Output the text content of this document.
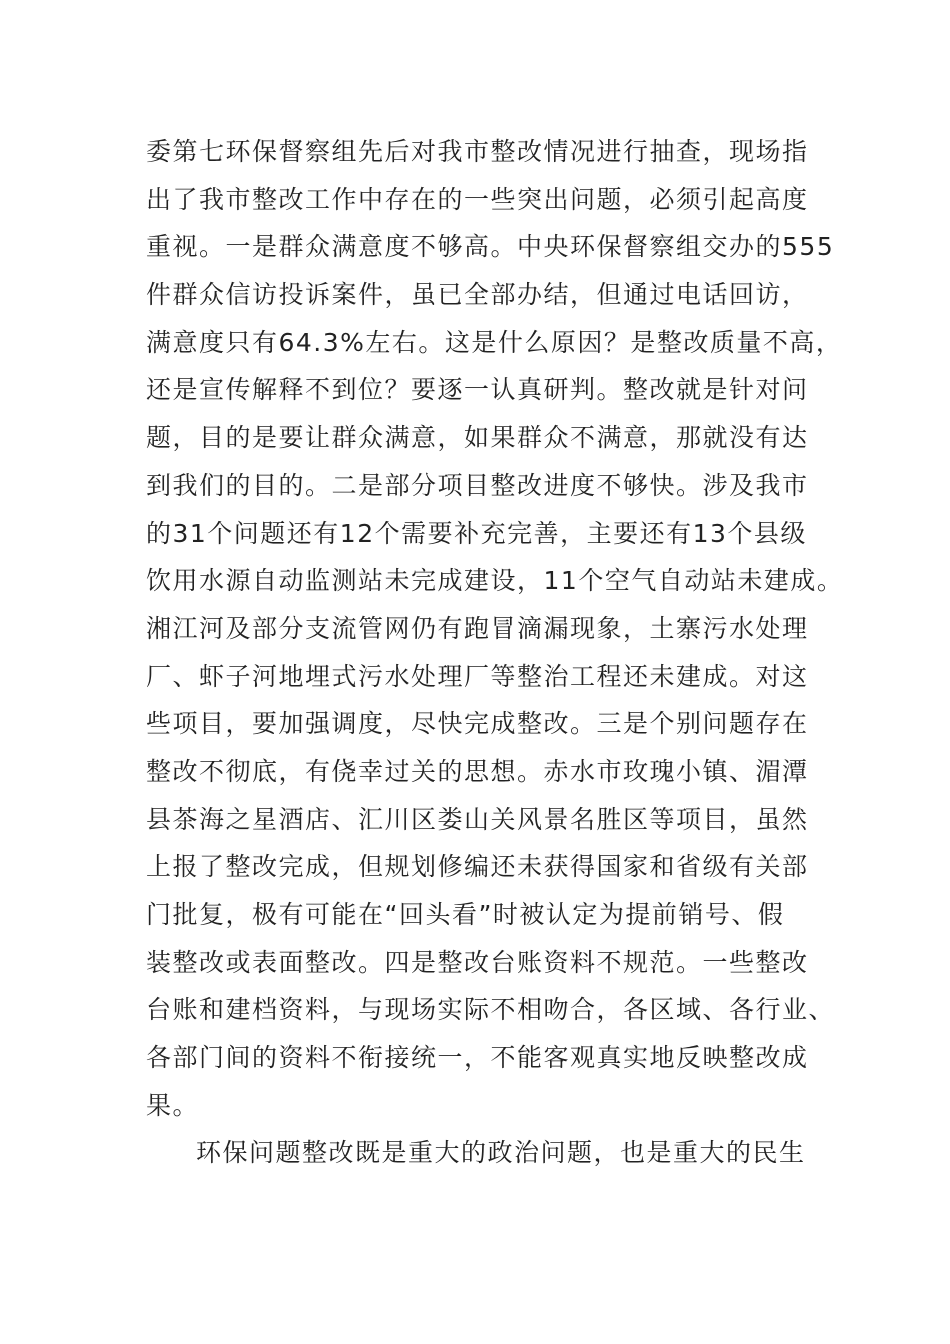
委第七环保督察组先后对我市整改情况进行抽查，现场指
出了我市整改工作中存在的一些突出问题，必须引起高度
重视。一是群众满意度不够高。中央环保督察组交办的555
件群众信访投诉案件，虽已全部办结，但通过电话回访，
满意度只有64.3%左右。这是什么原因？是整改质量不高，
还是宣传解释不到位？要逐一认真研判。整改就是针对问
题，目的是要让群众满意，如果群众不满意，那就没有达
到我们的目的。二是部分项目整改进度不够快。涉及我市
的31个问题还有12个需要补充完善，主要还有13个县级
饮用水源自动监测站未完成建设，11个空气自动站未建成。
湘江河及部分支流管网仍有跑冒滴漏现象，土寨污水处理
厂、虾子河地埋式污水处理厂等整治工程还未建成。对这
些项目，要加强调度，尽快完成整改。三是个别问题存在
整改不彻底，有侥幸过关的思想。赤水市玫瑰小镇、湄潭
县茶海之星酒店、汇川区娄山关风景名胜区等项目，虽然
上报了整改完成，但规划修编还未获得国家和省级有关部
门批复，极有可能在“回头看”时被认定为提前销号、假
装整改或表面整改。四是整改台账资料不规范。一些整改
台账和建档资料，与现场实际不相吻合，各区域、各行业、
各部门间的资料不衔接统一，不能客观真实地反映整改成
果。
环保问题整改既是重大的政治问题，也是重大的民生
